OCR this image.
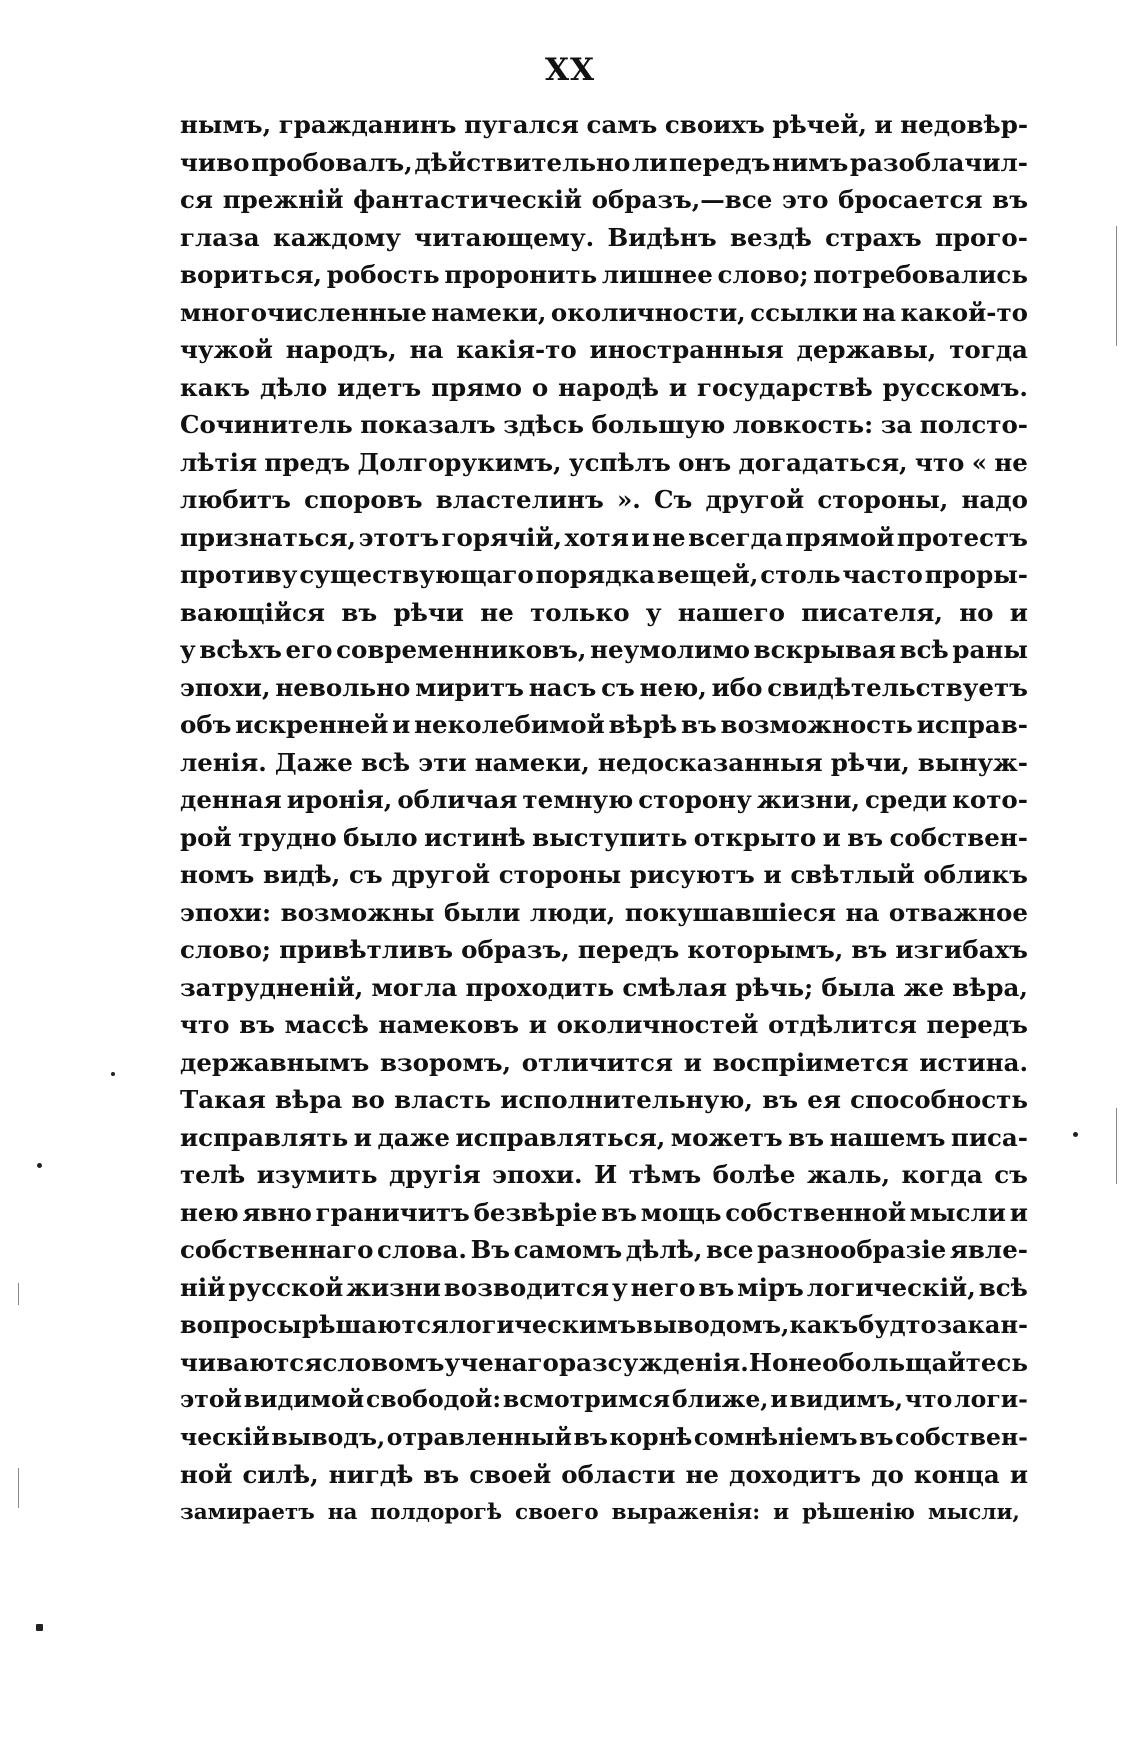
XX
нымъ, гражданинъ пугался самъ своихъ рѣчей, и недовѣр-
чиво пробовалъ, дѣйствительно ли передъ нимъ разоблачил-
ся прежній фантастическій образъ,—все это бросается въ
глаза каждому читающему. Видѣнъ вездѣ страхъ прого-
вориться, робость проронить лишнее слово; потребовались
многочисленные намеки, околичности, ссылки на какой-то
чужой народъ, на какія-то иностранныя державы, тогда
какъ дѣло идетъ прямо о народѣ и государствѣ русскомъ.
Сочинитель показалъ здѣсь большую ловкость: за полсто-
лѣтія предъ Долгорукимъ, успѣлъ онъ догадаться, что « не
любитъ споровъ властелинъ ». Съ другой стороны, надо
признаться, этотъ горячій, хотя и не всегда прямой протестъ
противу существующаго порядка вещей, столь часто проры-
вающійся въ рѣчи не только у нашего писателя, но и
у всѣхъ его современниковъ, неумолимо вскрывая всѣ раны
эпохи, невольно миритъ насъ съ нею, ибо свидѣтельствуетъ
объ искренней и неколебимой вѣрѣ въ возможность исправ-
ленія. Даже всѣ эти намеки, недосказанныя рѣчи, вынуж-
денная иронія, обличая темную сторону жизни, среди кото-
рой трудно было истинѣ выступить открыто и въ собствен-
номъ видѣ, съ другой стороны рисуютъ и свѣтлый обликъ
эпохи: возможны были люди, покушавшіеся на отважное
слово; привѣтливъ образъ, передъ которымъ, въ изгибахъ
затрудненій, могла проходить смѣлая рѣчь; была же вѣра,
что въ массѣ намековъ и околичностей отдѣлится передъ
державнымъ взоромъ, отличится и воспріимется истина.
Такая вѣра во власть исполнительную, въ ея способность
исправлять и даже исправляться, можетъ въ нашемъ писа-
телѣ изумить другія эпохи. И тѣмъ болѣе жаль, когда съ
нею явно граничитъ безвѣріе въ мощь собственной мысли и
собственнаго слова. Въ самомъ дѣлѣ, все разнообразіе явле-
ній русской жизни возводится у него въ міръ логическій, всѣ
вопросы рѣшаются логическимъ выводомъ, какъ будто закан-
чиваются словомъ ученаго разсужденія. Но не обольщайтесь
этой видимой свободой: всмотримся ближе, и видимъ, что логи-
ческій выводъ, отравленный въ корнѣ сомнѣніемъ въ собствен-
ной силѣ, нигдѣ въ своей области не доходитъ до конца и
замираетъ на полдорогѣ своего выраженія: и рѣшенію мысли,
